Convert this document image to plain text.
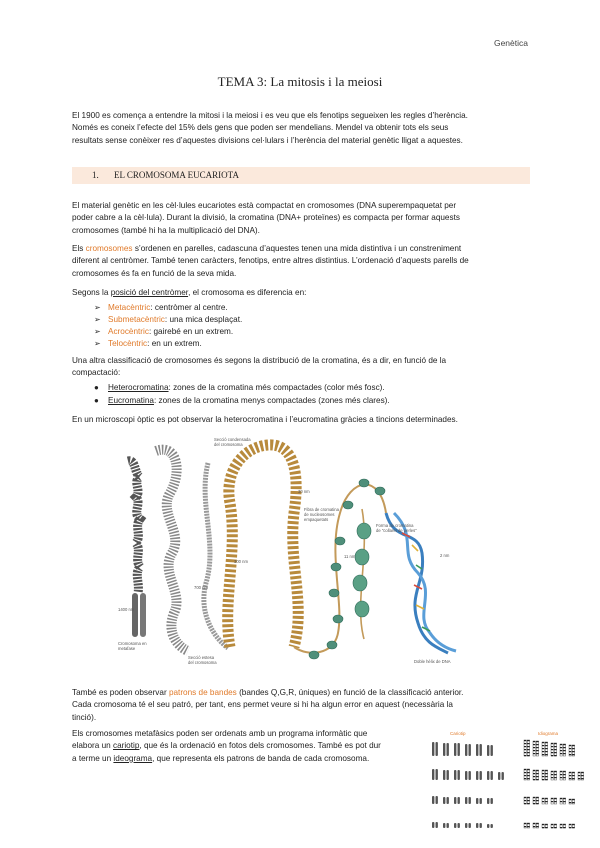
Genètica
TEMA 3: La mitosis i la meiosi
El 1900 es comença a entendre la mitosi i la meiosi i es veu que els fenotips segueixen les regles d’herència.
Només es coneix l’efecte del 15% dels gens que poden ser mendelians. Mendel va obtenir tots els seus
resultats sense conèixer res d’aquestes divisions cel·lulars i l’herència del material genètic lligat a aquestes.
1. EL CROMOSOMA EUCARIOTA
El material genètic en les cèl·lules eucariotes està compactat en cromosomes (DNA superempaquetat per
poder cabre a la cèl·lula). Durant la divisió, la cromatina (DNA+ proteïnes) es compacta per formar aquests
cromosomes (també hi ha la multiplicació del DNA).
Els cromosomes s’ordenen en parelles, cadascuna d’aquestes tenen una mida distintiva i un constreniment
diferent al centròmer. També tenen caràcters, fenotips, entre altres distintius. L’ordenació d’aquests parells de
cromosomes és fa en funció de la seva mida.
Segons la posició del centròmer, el cromosoma es diferencia en:
➢ Metacèntric: centròmer al centre.
➢ Submetacèntric: una mica desplaçat.
➢ Acrocèntric: gairebé en un extrem.
➢ Telocèntric: en un extrem.
Una altra classificació de cromosomes és segons la distribució de la cromatina, és a dir, en funció de la
compactació:
● Heterocromatina: zones de la cromatina més compactades (color més fosc).
● Eucromatina: zones de la cromatina menys compactades (zones més clares).
En un microscopi òptic es pot observar la heterocromatina i l’eucromatina gràcies a tincions determinades.
Secció condensada
del cromosoma
30 nm
Fibra de cromatina
de nucleosomes
empaquetats
Forma de cromatina
de "collaret de perles"
11 nm	2 nm
300 nm
700 nm
1400 nm
Cromosoma en
metafase
Secció estesa
del cromosoma	Doble hèlix de DNA
També es poden observar patrons de bandes (bandes Q,G,R, úniques) en funció de la classificació anterior.
Cada cromosoma té el seu patró, per tant, ens permet veure si hi ha algun error en aquest (necessària la
tinció).
Els cromosomes metafàsics poden ser ordenats amb un programa informàtic que
elabora un cariotip, que és la ordenació en fotos dels cromosomes. També es pot dur
a terme un ideograma, que representa els patrons de banda de cada cromosoma.
Cariotip	Idiograma
